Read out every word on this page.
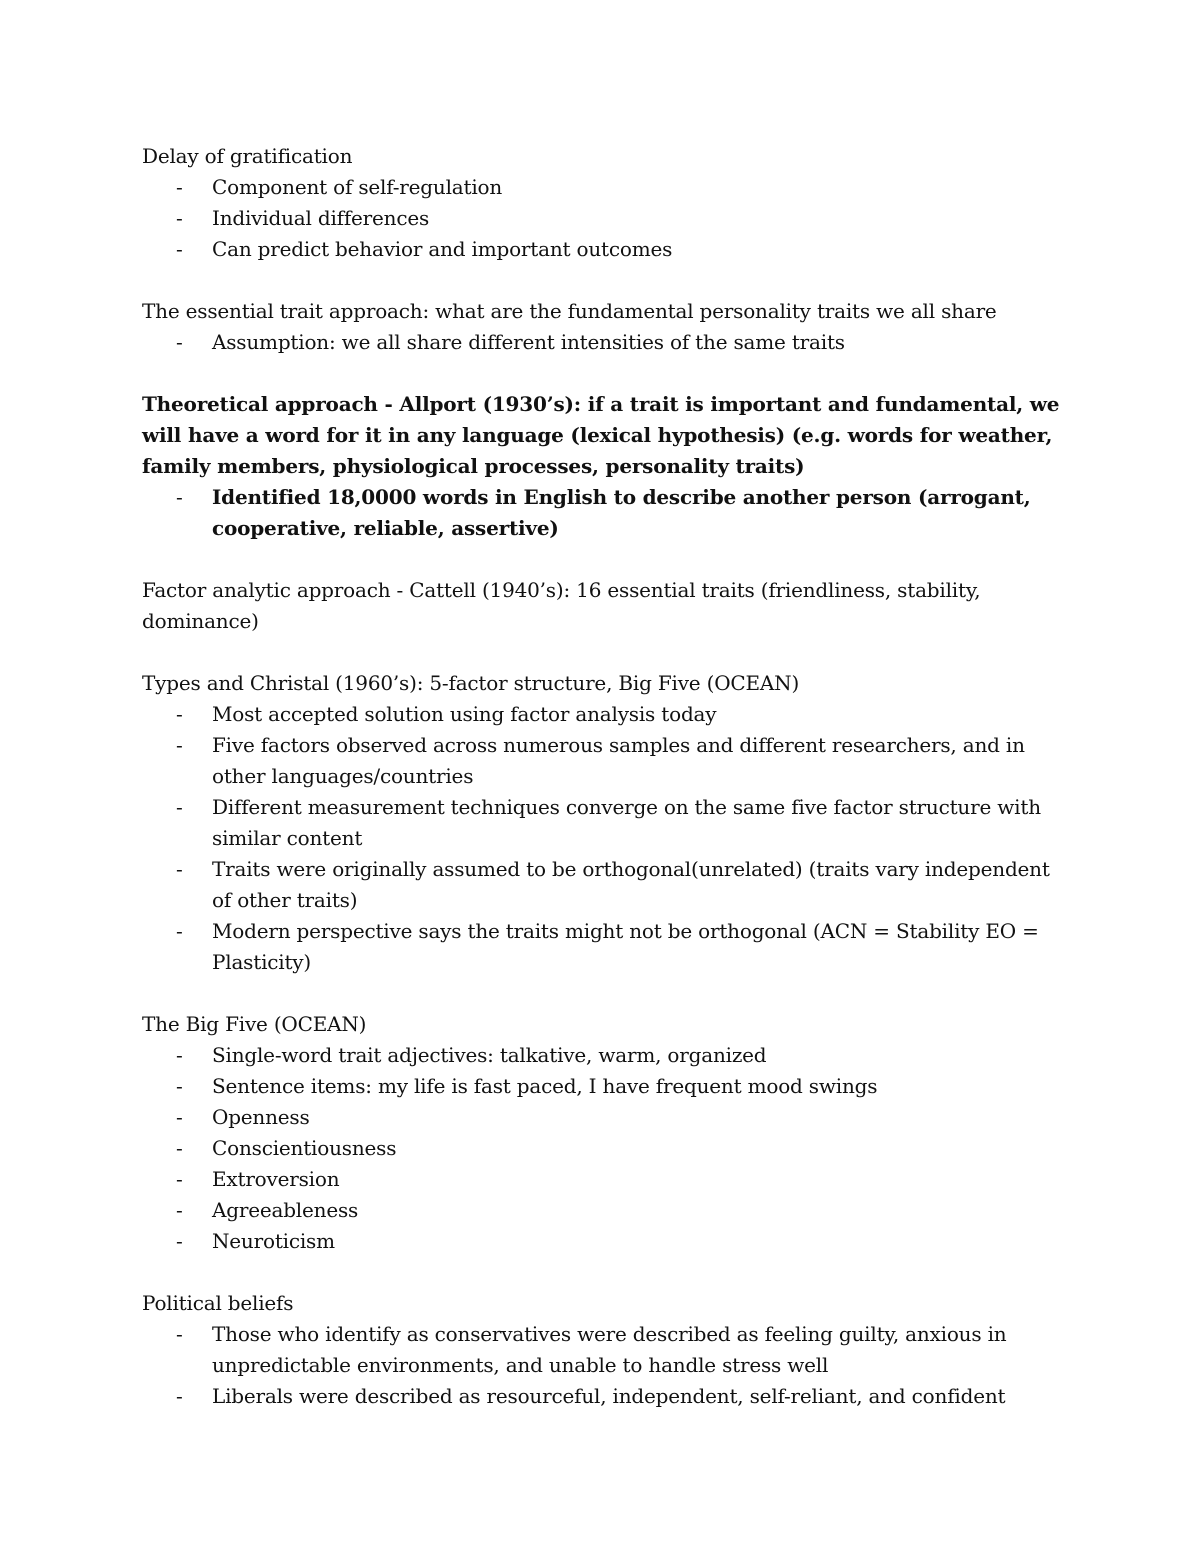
Delay of gratification

- Component of self-regulation
- Individual differences
- Can predict behavior and important outcomes

The essential trait approach: what are the fundamental personality traits we all share

- Assumption: we all share different intensities of the same traits

Theoretical approach - Allport (1930’s): if a trait is important and fundamental, we will have a word for it in any language (lexical hypothesis) (e.g. words for weather, family members, physiological processes, personality traits)

- Identified 18,0000 words in English to describe another person (arrogant, cooperative, reliable, assertive)

Factor analytic approach - Cattell (1940’s): 16 essential traits (friendliness, stability, dominance)

Types and Christal (1960’s): 5-factor structure, Big Five (OCEAN)

- Most accepted solution using factor analysis today
- Five factors observed across numerous samples and different researchers, and in other languages/countries
- Different measurement techniques converge on the same five factor structure with similar content
- Traits were originally assumed to be orthogonal(unrelated) (traits vary independent of other traits)
- Modern perspective says the traits might not be orthogonal (ACN = Stability EO = Plasticity)

The Big Five (OCEAN)

- Single-word trait adjectives: talkative, warm, organized
- Sentence items: my life is fast paced, I have frequent mood swings
- Openness
- Conscientiousness
- Extroversion
- Agreeableness
- Neuroticism

Political beliefs

- Those who identify as conservatives were described as feeling guilty, anxious in unpredictable environments, and unable to handle stress well
- Liberals were described as resourceful, independent, self-reliant, and confident
